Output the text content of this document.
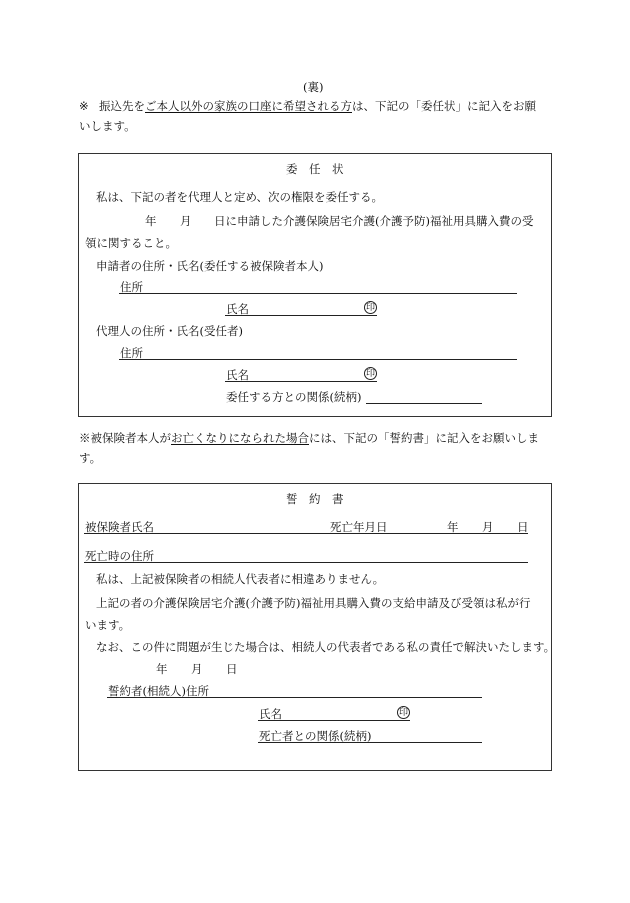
(裏)
※ 振込先をご本人以外の家族の口座に希望される方は、下記の「委任状」に記入をお願
いします。
委　任　状
私は、下記の者を代理人と定め、次の権限を委任する。
年 月 日に申請した介護保険居宅介護(介護予防)福祉用具購入費の受
領に関すること。
申請者の住所・氏名(委任する被保険者本人)
住所
氏名	印
代理人の住所・氏名(受任者)
住所
氏名	印
委任する方との関係(続柄)
※被保険者本人がお亡くなりになられた場合には、下記の「誓約書」に記入をお願いしま
す。
誓　約　書
被保険者氏名	死亡年月日	年 月 日
死亡時の住所
私は、上記被保険者の相続人代表者に相違ありません。
上記の者の介護保険居宅介護(介護予防)福祉用具購入費の支給申請及び受領は私が行
います。
なお、この件に問題が生じた場合は、相続人の代表者である私の責任で解決いたします。
年 月 日
誓約者(相続人)住所
氏名	印
死亡者との関係(続柄)
